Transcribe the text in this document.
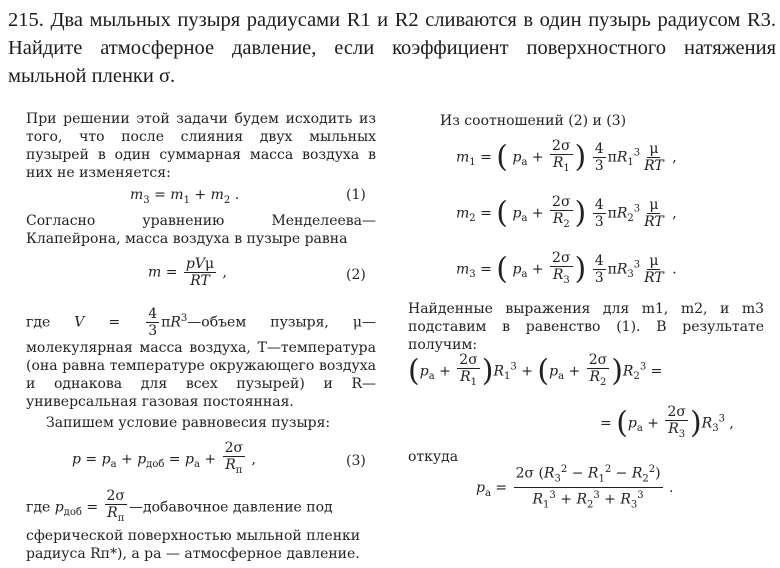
215. Два мыльных пузыря радиусами R1 и R2 сливаются в один пузырь радиусом R3. Найдите атмосферное давление, если коэффициент поверхностного натяжения мыльной пленки σ.
При решении этой задачи будем исходить из того, что после слияния двух мыльных пузырей в один суммарная масса воздуха в них не изменяется:
$m_3 = m_1 + m_2$ .	(1)
Согласно уравнению Менделеева—Клапейрона, масса воздуха в пузыре равна
$m = \frac{\text{pVμ}}{RT}$ ,	(2)
где $V = \frac{4}{3}$ $\pi R^3—объем$ пузыря, μ—молекулярная масса воздуха, T—температура (она равна температуре окружающего воздуха и однакова для всех пузырей) и R—универсальная газовая постоянная.
Запишем условие равновесия пузыря:
$p = p_а + p_{доб} = p_а + \frac{2\sigma}{R_п}$ ,	(3)
где $p_{доб} = \frac{2\sigma}{R_п}$ —добавочное давление под сферической поверхностью мыльной пленки радиуса Rп*), а pа — атмосферное давление.
Из соотношений (2) и (3)
$m_1$ = ( $p_а + \frac{2\sigma}{R_1}$ ) $\frac{4}{3} \pi R_1^3 \frac{\mu}{RT}$ ,
$m_2$ = ( $p_а + \frac{2\sigma}{R_2}$ ) $\frac{4}{3} \pi R_2^3 \frac{\mu}{RT}$ ,
$m_3$ = ( $p_а + \frac{2\sigma}{R_3}$ ) $\frac{4}{3} \pi R_3^3 \frac{\mu}{RT}$ .
Найденные выражения для m1, m2, и m3 подставим в равенство (1). В результате получим:
$(p_а + \frac{2\sigma}{R_1} )R_1^3 + (p_а + \frac{2\sigma}{R_2} )R_2^3$ =
= $(p_а + \frac{2\sigma}{R_3} )R_3^3$ ,
откуда
$p_а = \frac{2\sigma (R_3^2 - R_1^2 - R_2^2)}{R_1^3 + R_2^3 + R_3^3}$ .
